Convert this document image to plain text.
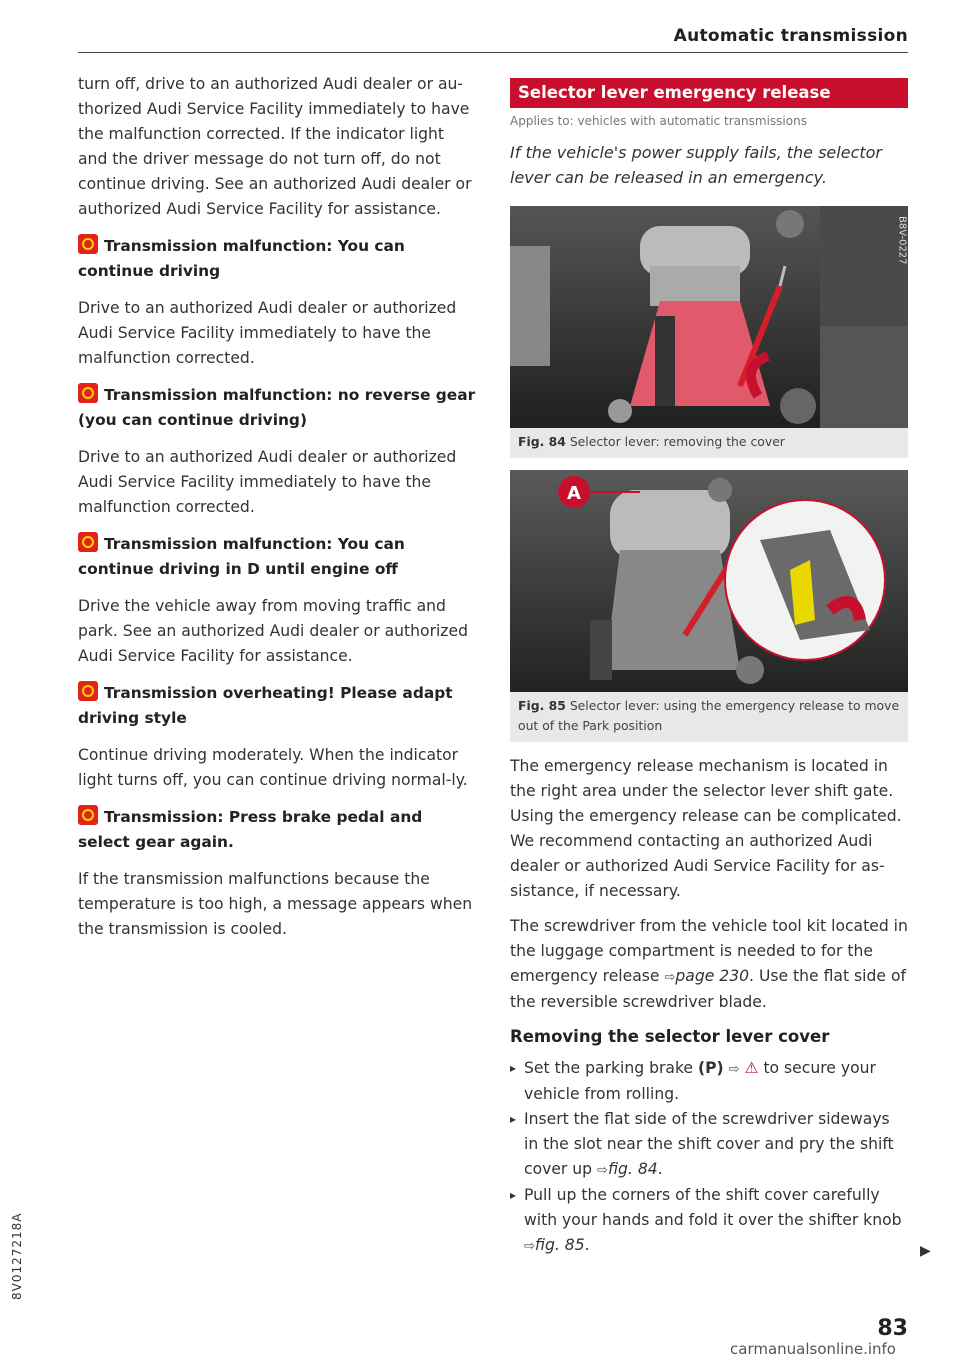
Automatic transmission

turn off, drive to an authorized Audi dealer or au-thorized Audi Service Facility immediately to have the malfunction corrected. If the indicator light and the driver message do not turn off, do not continue driving. See an authorized Audi dealer or authorized Audi Service Facility for assistance.

Transmission malfunction: You can continue driving

Drive to an authorized Audi dealer or authorized Audi Service Facility immediately to have the malfunction corrected.

Transmission malfunction: no reverse gear (you can continue driving)

Drive to an authorized Audi dealer or authorized Audi Service Facility immediately to have the malfunction corrected.

Transmission malfunction: You can continue driving in D until engine off

Drive the vehicle away from moving traffic and park. See an authorized Audi dealer or authorized Audi Service Facility for assistance.

Transmission overheating! Please adapt driving style

Continue driving moderately. When the indicator light turns off, you can continue driving normal-ly.

Transmission: Press brake pedal and select gear again.

If the transmission malfunctions because the temperature is too high, a message appears when the transmission is cooled.

Selector lever emergency release
Applies to: vehicles with automatic transmissions
If the vehicle's power supply fails, the selector lever can be released in an emergency.
B8V-0227
Fig. 84 Selector lever: removing the cover
A
Fig. 85 Selector lever: using the emergency release to move out of the Park position

The emergency release mechanism is located in the right area under the selector lever shift gate. Using the emergency release can be complicated. We recommend contacting an authorized Audi dealer or authorized Audi Service Facility for as-sistance, if necessary.

The screwdriver from the vehicle tool kit located in the luggage compartment is needed to for the emergency release ⇨page 230. Use the flat side of the reversible screwdriver blade.

Removing the selector lever cover
▸ Set the parking brake (P) ⇨ ⚠ to secure your vehicle from rolling.
▸ Insert the flat side of the screwdriver sideways in the slot near the shift cover and pry the shift cover up ⇨fig. 84.
▸ Pull up the corners of the shift cover carefully with your hands and fold it over the shifter knob ⇨fig. 85.	▶
83
8V0127218A
carmanualsonline.info
